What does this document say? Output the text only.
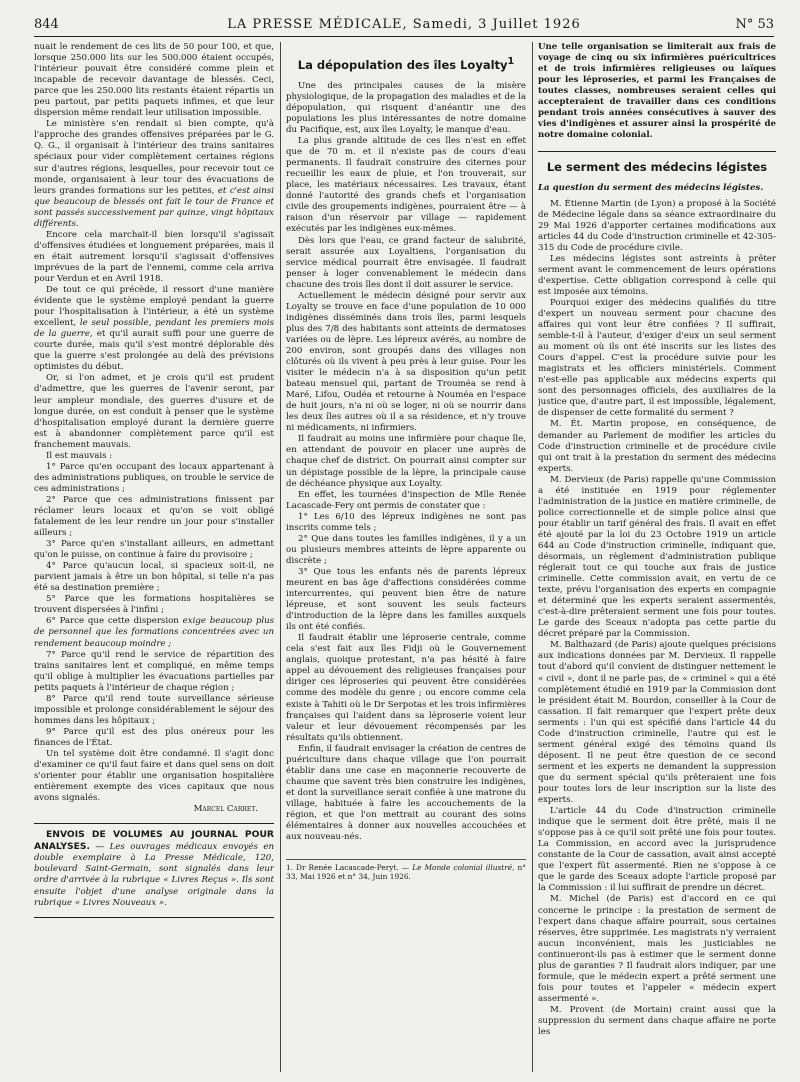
844	LA PRESSE MÉDICALE, Samedi, 3 Juillet 1926	N° 53

nuait le rendement de ces lits de 50 pour 100, et que, lorsque 250.000 lits sur les 500.000 étaient occupés, l'intérieur pouvait être considéré comme plein et incapable de recevoir davantage de blessés. Ceci, parce que les 250.000 lits restants étaient répartis un peu partout, par petits paquets infimes, et que leur dispersion même rendait leur utilisation impossible.

Le ministère s'en rendait si bien compte, qu'à l'approche des grandes offensives préparées par le G. Q. G., il organisait à l'intérieur des trains sanitaires spéciaux pour vider complètement certaines régions sur d'autres régions, lesquelles, pour recevoir tout ce monde, organisaient à leur tour des évacuations de leurs grandes formations sur les petites, et c'est ainsi que beaucoup de blessés ont fait le tour de France et sont passés successivement par quinze, vingt hôpitaux différents.

Encore cela marchait-il bien lorsqu'il s'agissait d'offensives étudiées et longuement préparées, mais il en était autrement lorsqu'il s'agissait d'offensives imprévues de la part de l'ennemi, comme cela arriva pour Verdun et en Avril 1918.

De tout ce qui précède, il ressort d'une manière évidente que le système employé pendant la guerre pour l'hospitalisation à l'intérieur, a été un système excellent, le seul possible, pendant les premiers mois de la guerre, et qu'il aurait suffi pour une guerre de courte durée, mais qu'il s'est montré déplorable dès que la guerre s'est prolongée au delà des prévisions optimistes du début.

Or, si l'on admet, et je crois qu'il est prudent d'admettre, que les guerres de l'avenir seront, par leur ampleur mondiale, des guerres d'usure et de longue durée, on est conduit à penser que le système d'hospitalisation employé durant la dernière guerre est à abandonner complètement parce qu'il est franchement mauvais.

Il est mauvais :

1° Parce qu'en occupant des locaux appartenant à des administrations publiques, on trouble le service de ces administrations ;

2° Parce que ces administrations finissent par réclamer leurs locaux et qu'on se voit obligé fatalement de les leur rendre un jour pour s'installer ailleurs ;

3° Parce qu'en s'installant ailleurs, en admettant qu'on le puisse, on continue à faire du provisoire ;

4° Parce qu'aucun local, si spacieux soit-il, ne parvient jamais à être un bon hôpital, si telle n'a pas été sa destination première ;

5° Parce que les formations hospitalières se trouvent dispersées à l'infini ;

6° Parce que cette dispersion exige beaucoup plus de personnel que les formations concentrées avec un rendement beaucoup moindre ;

7° Parce qu'il rend le service de répartition des trains sanitaires lent et compliqué, en même temps qu'il oblige à multiplier les évacuations partielles par petits paquets à l'intérieur de chaque région ;

8° Parce qu'il rend toute surveillance sérieuse impossible et prolonge considérablement le séjour des hommes dans les hôpitaux ;

9° Parce qu'il est des plus onéreux pour les finances de l'État.

Un tel système doit être condamné. Il s'agit donc d'examiner ce qu'il faut faire et dans quel sens on doit s'orienter pour établir une organisation hospitalière entièrement exempte des vices capitaux que nous avons signalés.

Marcel Carret.

ENVOIS DE VOLUMES AU JOURNAL POUR ANALYSES. — Les ouvrages médicaux envoyés en double exemplaire à La Presse Médicale, 120, boulevard Saint-Germain, sont signalés dans leur ordre d'arrivée à la rubrique « Livres Reçus ». Ils sont ensuite l'objet d'une analyse originale dans la rubrique « Livres Nouveaux ».

La dépopulation des îles Loyalty$^1$

Une des principales causes de la misère physiologique, de la propagation des maladies et de la dépopulation, qui risquent d'anéantir une des populations les plus intéressantes de notre domaine du Pacifique, est, aux îles Loyalty, le manque d'eau.

La plus grande altitude de ces îles n'est en effet que de 70 m. et il n'existe pas de cours d'eau permanents. Il faudrait construire des citernes pour recueillir les eaux de pluie, et l'on trouverait, sur place, les matériaux nécessaires. Les travaux, étant donné l'autorité des grands chefs et l'organisation civile des groupements indigènes, pourraient être — à raison d'un réservoir par village — rapidement exécutés par les indigènes eux-mêmes.

Dès lors que l'eau, ce grand facteur de salubrité, serait assurée aux Loyaltiens, l'organisation du service médical pourrait être envisagée. Il faudrait penser à loger convenablement le médecin dans chacune des trois îles dont il doit assurer le service.

Actuellement le médecin désigné pour servir aux Loyalty se trouve en face d'une population de 10 000 indigènes disséminés dans trois îles, parmi lesquels plus des 7/8 des habitants sont atteints de dermatoses variées ou de lèpre. Les lépreux avérés, au nombre de 200 environ, sont groupés dans des villages non clôturés où ils vivent à peu près à leur guise. Pour les visiter le médecin n'a à sa disposition qu'un petit bateau mensuel qui, partant de Trouméa se rend à Maré, Lifou, Oudéa et retourne à Nouméa en l'espace de huit jours, n'a ni où se loger, ni où se nourrir dans les deux îles autres où il a sa résidence, et n'y trouve ni médicaments, ni infirmiers.

Il faudrait au moins une infirmière pour chaque île, en attendant de pouvoir en placer une auprès de chaque chef de district. On pourrait ainsi compter sur un dépistage possible de la lèpre, la principale cause de déchéance physique aux Loyalty.

En effet, les tournées d'inspection de Mlle Renée Lacascade-Fery ont permis de constater que :

1° Les 6/10 des lépreux indigènes ne sont pas inscrits comme tels ;

2° Que dans toutes les familles indigènes, il y a un ou plusieurs membres atteints de lèpre apparente ou discrète ;

3° Que tous les enfants nés de parents lépreux meurent en bas âge d'affections considérées comme intercurrentes, qui peuvent bien être de nature lépreuse, et sont souvent les seuls facteurs d'introduction de la lèpre dans les familles auxquels ils ont été confiés.

Il faudrait établir une léproserie centrale, comme cela s'est fait aux îles Fidji où le Gouvernement anglais, quoique protestant, n'a pas hésité à faire appel au dévouement des religieuses françaises pour diriger ces léproseries qui peuvent être considérées comme des modèle du genre ; ou encore comme cela existe à Tahiti où le Dr Serpotas et les trois infirmières françaises qui l'aident dans sa léproserie voient leur valeur et leur dévouement récompensés par les résultats qu'ils obtiennent.

Enfin, il faudrait envisager la création de centres de puériculture dans chaque village que l'on pourrait établir dans une case en maçonnerie recouverte de chaume que savent très bien construire les indigènes, et dont la surveillance serait confiée à une matrone du village, habituée à faire les accouchements de la région, et que l'on mettrait au courant des soins élémentaires à donner aux nouvelles accouchées et aux nouveau-nés.

1. Dr Renée Lacascade-Peryt. — Le Monde colonial illustré, n° 33, Mai 1926 et n° 34, Juin 1926.

Une telle organisation se limiterait aux frais de voyage de cinq ou six infirmières puéricultrices et de trois infirmières religieuses ou laïques pour les léproseries, et parmi les Françaises de toutes classes, nombreuses seraient celles qui accepteraient de travailler dans ces conditions pendant trois années consécutives à sauver des vies d'indigènes et assurer ainsi la prospérité de notre domaine colonial.

Le serment des médecins légistes

La question du serment des médecins légistes.

M. Étienne Martin (de Lyon) a proposé à la Société de Médecine légale dans sa séance extraordinaire du 29 Mai 1926 d'apporter certaines modifications aux articles 44 du Code d'instruction criminelle et 42-305-315 du Code de procédure civile.

Les médecins légistes sont astreints à prêter serment avant le commencement de leurs opérations d'expertise. Cette obligation correspond à celle qui est imposée aux témoins.

Pourquoi exiger des médecins qualifiés du titre d'expert un nouveau serment pour chacune des affaires qui vont leur être confiées ? Il suffirait, semble-t-il à l'auteur, d'exiger d'eux un seul serment au moment où ils ont été inscrits sur les listes des Cours d'appel. C'est la procédure suivie pour les magistrats et les officiers ministériels. Comment n'est-elle pas applicable aux médecins experts qui sont des personnages officiels, des auxiliaires de la justice que, d'autre part, il est impossible, légalement, de dispenser de cette formalité du serment ?

M. Ét. Martin propose, en conséquence, de demander au Parlement de modifier les articles du Code d'instruction criminelle et de procédure civile qui ont trait à la prestation du serment des médecins experts.

M. Dervieux (de Paris) rappelle qu'une Commission a été instituée en 1919 pour réglementer l'administration de la justice en matière criminelle, de police correctionnelle et de simple police ainsi que pour établir un tarif général des frais. Il avait en effet été ajouté par la loi du 23 Octobre 1919 un article 644 au Code d'instruction criminelle, indiquant que, désormais, un règlement d'administration publique réglerait tout ce qui touche aux frais de justice criminelle. Cette commission avait, en vertu de ce texte, prévu l'organisation des experts en compagnie et déterminé que les experts seraient assermentés, c'est-à-dire prêteraient serment une fois pour toutes. Le garde des Sceaux n'adopta pas cette partie du décret préparé par la Commission.

M. Balthazard (de Paris) ajoute quelques précisions aux indications données par M. Dervieux. Il rappelle tout d'abord qu'il convient de distinguer nettement le « civil », dont il ne parle pas, de « criminel » qui a été complètement étudié en 1919 par la Commission dont le président était M. Bourdon, conseiller à la Cour de cassation. Il fait remarquer que l'expert prête deux serments : l'un qui est spécifié dans l'article 44 du Code d'instruction criminelle, l'autre qui est le serment général exigé des témoins quand ils déposent. Il ne peut être question de ce second serment et les experts ne demandent la suppression que du serment spécial qu'ils prêteraient une fois pour toutes lors de leur inscription sur la liste des experts.

L'article 44 du Code d'instruction criminelle indique que le serment doit être prêté, mais il ne s'oppose pas à ce qu'il soit prêté une fois pour toutes. La Commission, en accord avec la jurisprudence constante de la Cour de cassation, avait ainsi accepté que l'expert fût assermenté. Rien ne s'oppose à ce que le garde des Sceaux adopte l'article proposé par la Commission : il lui suffirait de prendre un décret.

M. Michel (de Paris) est d'accord en ce qui concerne le principe : la prestation de serment de l'expert dans chaque affaire pourrait, sous certaines réserves, être supprimée. Les magistrats n'y verraient aucun inconvénient, mais les justiciables ne continueront-ils pas à estimer que le serment donne plus de garanties ? Il faudrait alors indiquer, par une formule, que le médecin expert a prêté serment une fois pour toutes et l'appeler « médecin expert assermenté ».

M. Provent (de Mortain) craint aussi que la suppression du serment dans chaque affaire ne porte les
